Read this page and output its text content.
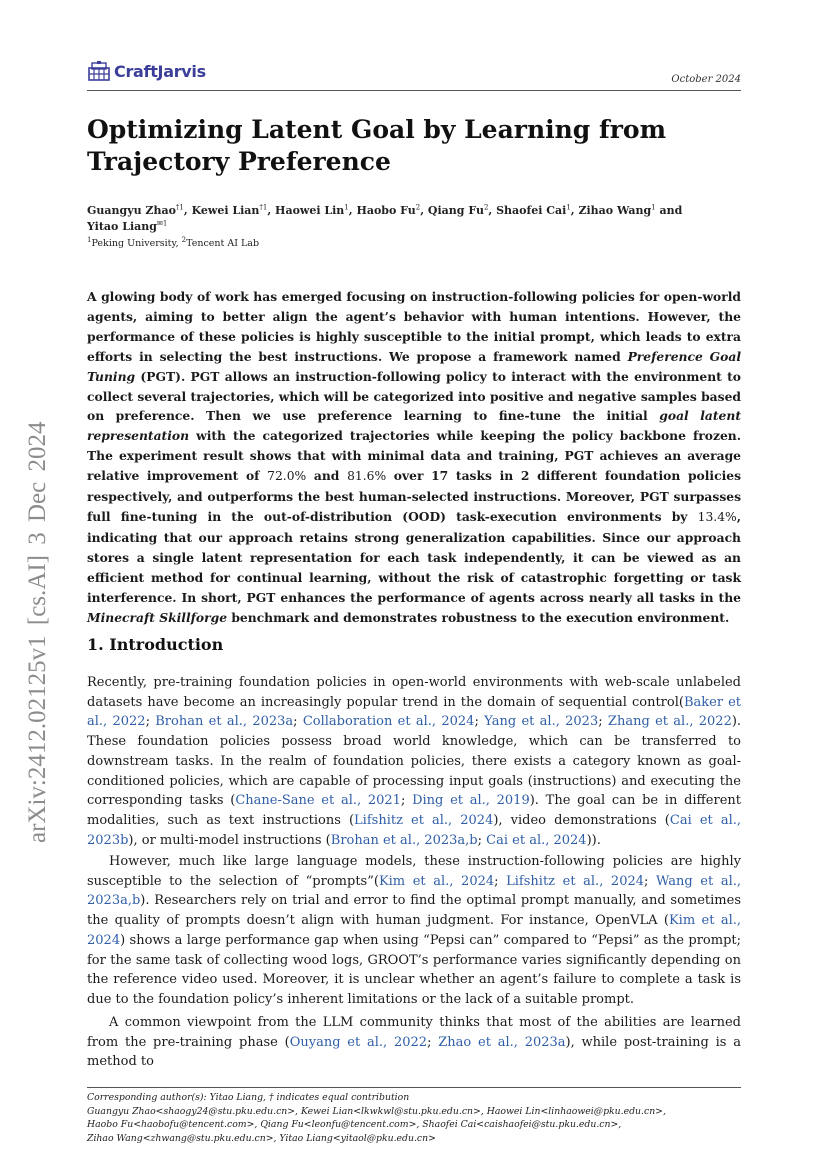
CraftJarvis	October 2024
arXiv:2412.02125v1 [cs.AI] 3 Dec 2024
Optimizing Latent Goal by Learning from Trajectory Preference
Guangyu Zhao$^{\dagger 1}$, Kewei Lian$^{\dagger 1}$, Haowei Lin$^1$, Haobo Fu$^2$, Qiang Fu$^2$, Shaofei Cai$^1$, Zihao Wang$^1$ and Yitao Liang$^{✉1}$
$^1$Peking University, $^2$Tencent AI Lab

A glowing body of work has emerged focusing on instruction-following policies for open-world agents, aiming to better align the agent’s behavior with human intentions. However, the performance of these policies is highly susceptible to the initial prompt, which leads to extra efforts in selecting the best instructions. We propose a framework named Preference Goal Tuning (PGT). PGT allows an instruction-following policy to interact with the environment to collect several trajectories, which will be categorized into positive and negative samples based on preference. Then we use preference learning to fine-tune the initial goal latent representation with the categorized trajectories while keeping the policy backbone frozen. The experiment result shows that with minimal data and training, PGT achieves an average relative improvement of 72.0% and 81.6% over 17 tasks in 2 different foundation policies respectively, and outperforms the best human-selected instructions. Moreover, PGT surpasses full fine-tuning in the out-of-distribution (OOD) task-execution environments by 13.4%, indicating that our approach retains strong generalization capabilities. Since our approach stores a single latent representation for each task independently, it can be viewed as an efficient method for continual learning, without the risk of catastrophic forgetting or task interference. In short, PGT enhances the performance of agents across nearly all tasks in the Minecraft Skillforge benchmark and demonstrates robustness to the execution environment.

1. Introduction

Recently, pre-training foundation policies in open-world environments with web-scale unlabeled datasets have become an increasingly popular trend in the domain of sequential control(Baker et al., 2022; Brohan et al., 2023a; Collaboration et al., 2024; Yang et al., 2023; Zhang et al., 2022). These foundation policies possess broad world knowledge, which can be transferred to downstream tasks. In the realm of foundation policies, there exists a category known as goal-conditioned policies, which are capable of processing input goals (instructions) and executing the corresponding tasks (Chane-Sane et al., 2021; Ding et al., 2019). The goal can be in different modalities, such as text instructions (Lifshitz et al., 2024), video demonstrations (Cai et al., 2023b), or multi-model instructions (Brohan et al., 2023a,b; Cai et al., 2024)).

However, much like large language models, these instruction-following policies are highly susceptible to the selection of “prompts”(Kim et al., 2024; Lifshitz et al., 2024; Wang et al., 2023a,b). Researchers rely on trial and error to find the optimal prompt manually, and sometimes the quality of prompts doesn’t align with human judgment. For instance, OpenVLA (Kim et al., 2024) shows a large performance gap when using “Pepsi can” compared to “Pepsi” as the prompt; for the same task of collecting wood logs, GROOT’s performance varies significantly depending on the reference video used. Moreover, it is unclear whether an agent’s failure to complete a task is due to the foundation policy’s inherent limitations or the lack of a suitable prompt.

A common viewpoint from the LLM community thinks that most of the abilities are learned from the pre-training phase (Ouyang et al., 2022; Zhao et al., 2023a), while post-training is a method to

Corresponding author(s): Yitao Liang, † indicates equal contribution
Guangyu Zhao<shaogy24@stu.pku.edu.cn>, Kewei Lian<lkwkwl@stu.pku.edu.cn>, Haowei Lin<linhaowei@pku.edu.cn>,
Haobo Fu<haobofu@tencent.com>, Qiang Fu<leonfu@tencent.com>, Shaofei Cai<caishaofei@stu.pku.edu.cn>,
Zihao Wang<zhwang@stu.pku.edu.cn>, Yitao Liang<yitaol@pku.edu.cn>
